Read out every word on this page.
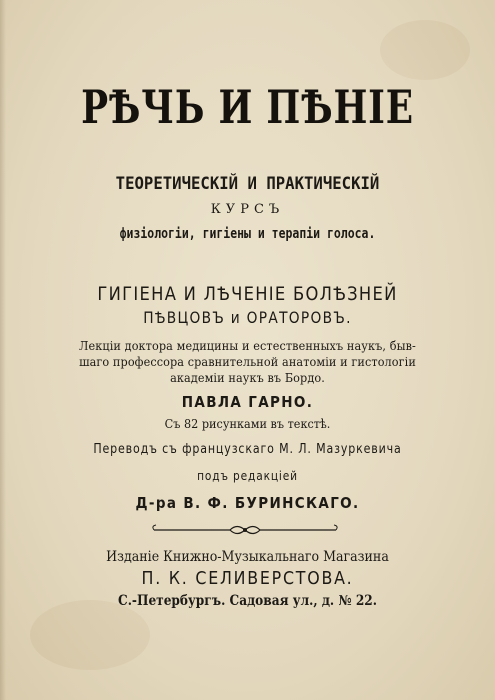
РѢЧЬ И ПѢНІЕ
ТЕОРЕТИЧЕСКІЙ И ПРАКТИЧЕСКІЙ
КУРСЪ
физіологіи, гигіены и терапіи голоса.
ГИГІЕНА И ЛѢЧЕНІЕ БОЛѢЗНЕЙ
ПѢВЦОВЪ и ОРАТОРОВЪ.
Лекціи доктора медицины и естественныхъ наукъ, быв-
шаго профессора сравнительной анатоміи и гистологіи
академіи наукъ въ Бордо.
ПАВЛА ГАРНО.
Съ 82 рисунками въ текстѣ.
Переводъ съ французскаго М. Л. Мазуркевича
подъ редакціей
Д-ра В. Ф. БУРИНСКАГО.
Изданіе Книжно-Музыкальнаго Магазина
П. К. СЕЛИВЕРСТОВА.
С.-Петербургъ. Садовая ул., д. № 22.
